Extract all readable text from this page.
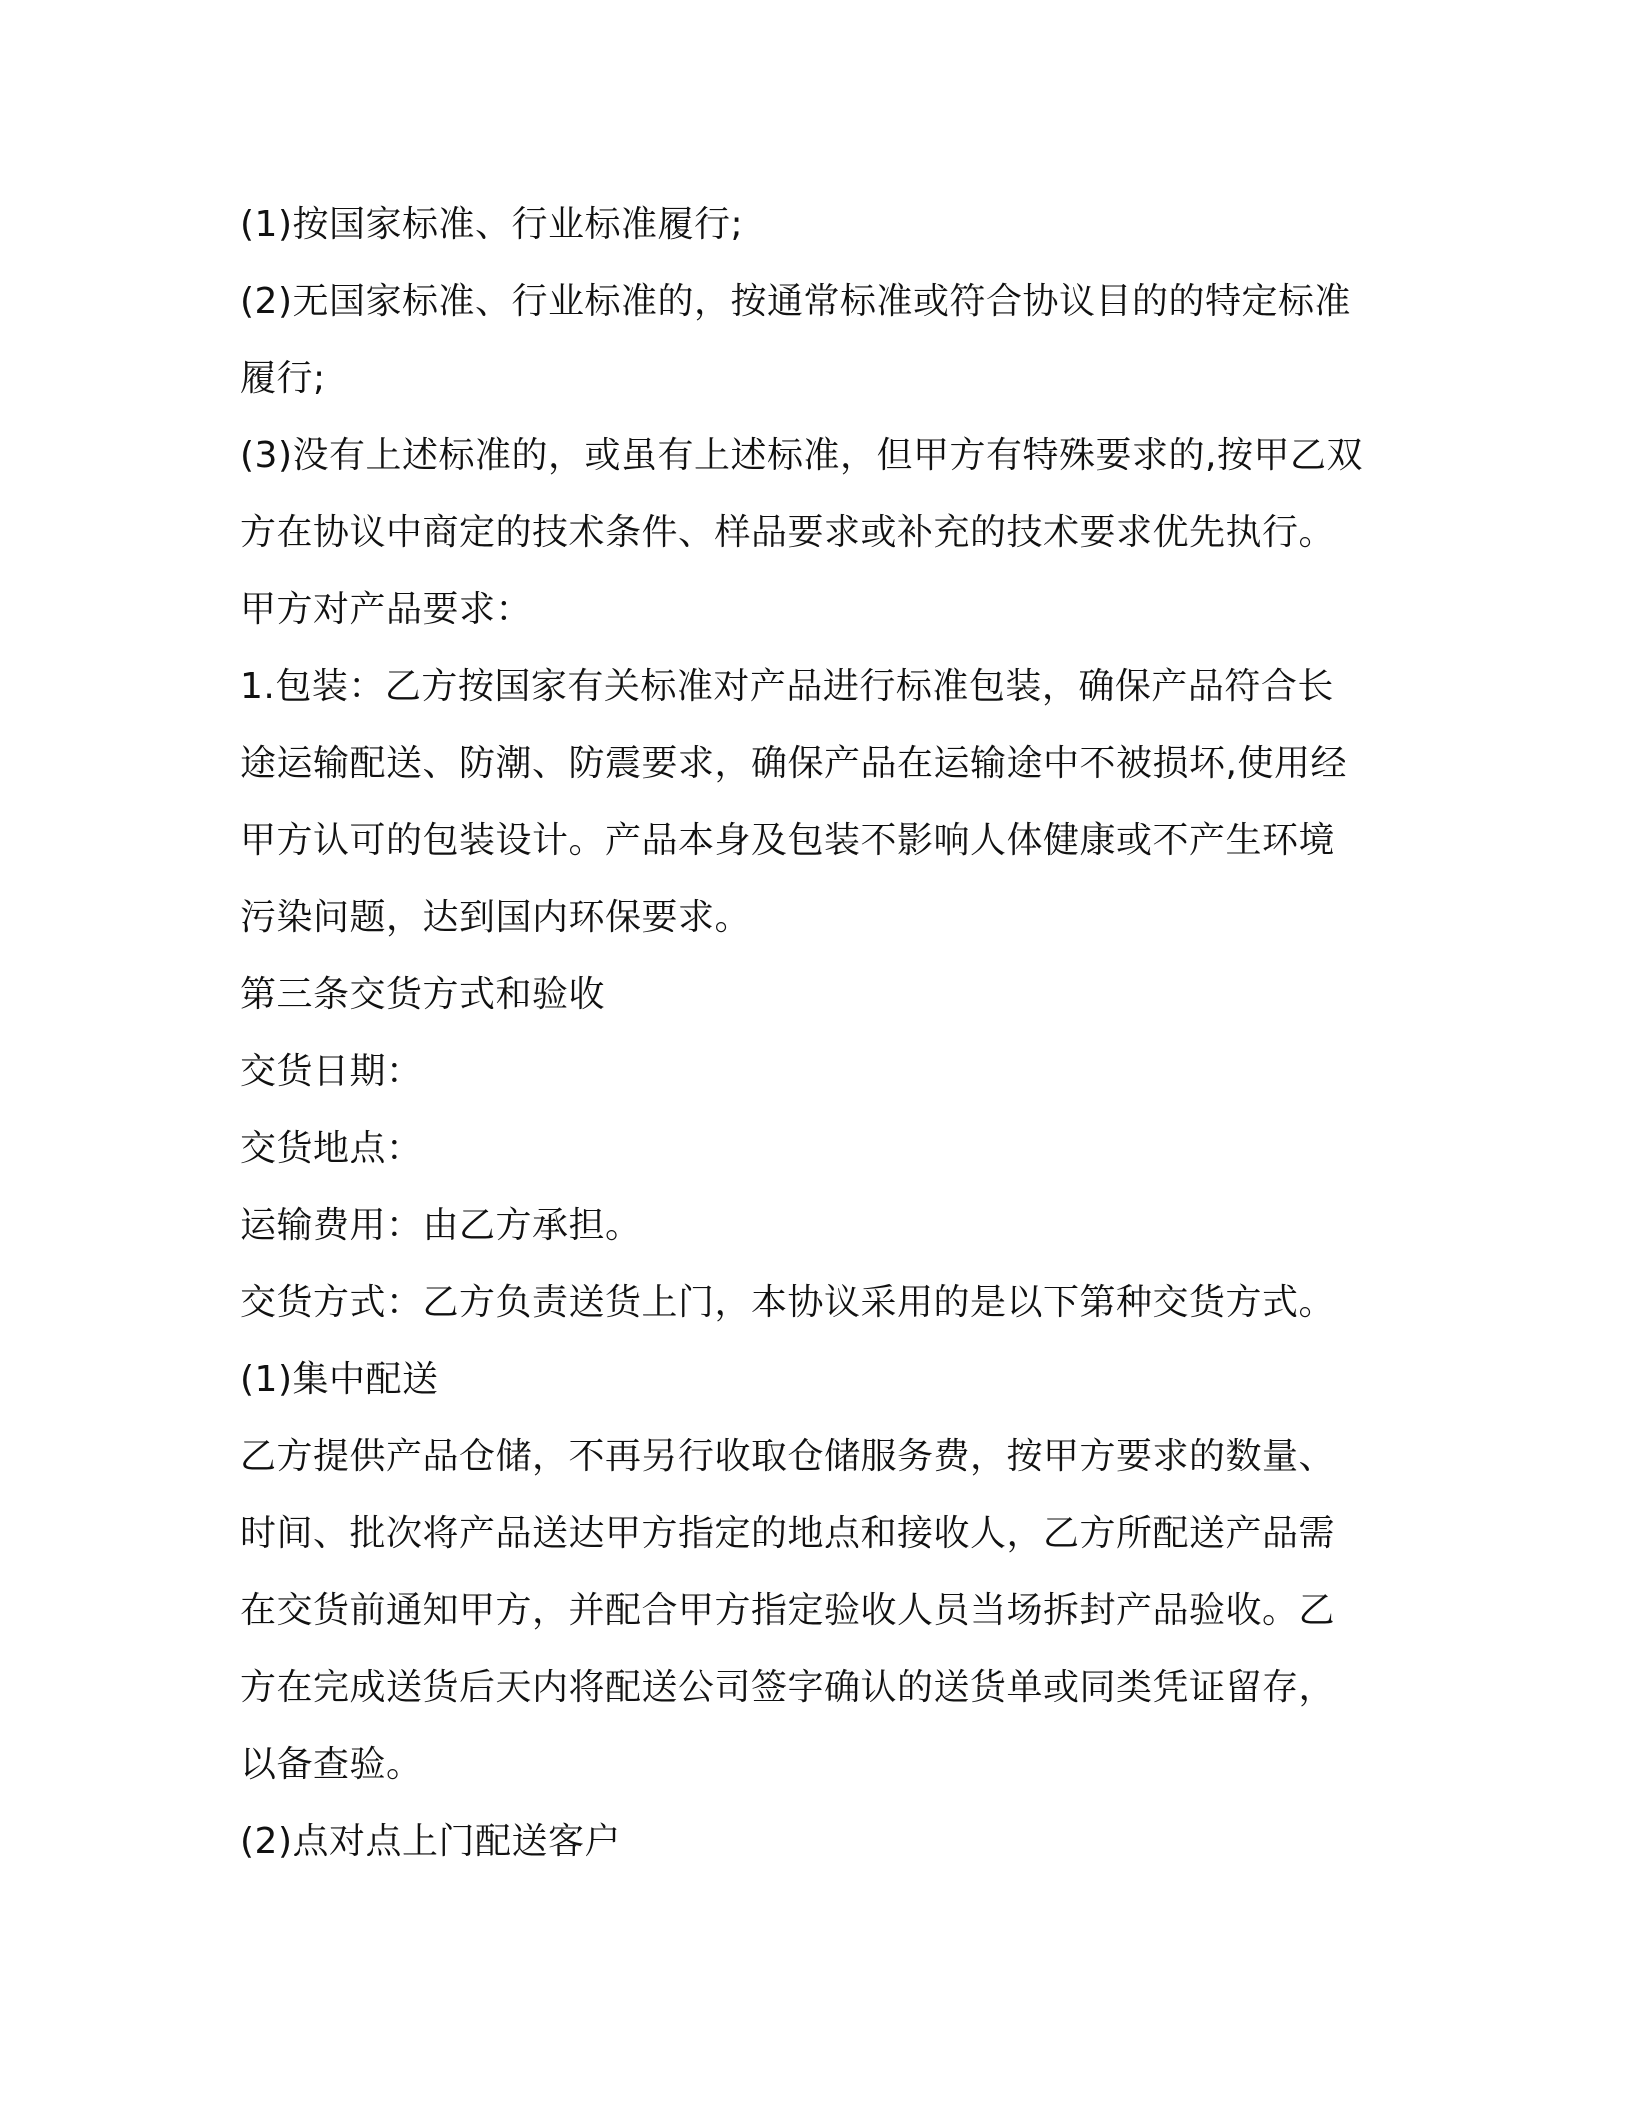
(1)按国家标准、行业标准履行;
(2)无国家标准、行业标准的，按通常标准或符合协议目的的特定标准
履行;
(3)没有上述标准的，或虽有上述标准，但甲方有特殊要求的,按甲乙双
方在协议中商定的技术条件、样品要求或补充的技术要求优先执行。
甲方对产品要求：
1.包装：乙方按国家有关标准对产品进行标准包装，确保产品符合长
途运输配送、防潮、防震要求，确保产品在运输途中不被损坏,使用经
甲方认可的包装设计。产品本身及包装不影响人体健康或不产生环境
污染问题，达到国内环保要求。
第三条交货方式和验收
交货日期：
交货地点：
运输费用：由乙方承担。
交货方式：乙方负责送货上门，本协议采用的是以下第种交货方式。
(1)集中配送
乙方提供产品仓储，不再另行收取仓储服务费，按甲方要求的数量、
时间、批次将产品送达甲方指定的地点和接收人，乙方所配送产品需
在交货前通知甲方，并配合甲方指定验收人员当场拆封产品验收。乙
方在完成送货后天内将配送公司签字确认的送货单或同类凭证留存，
以备查验。
(2)点对点上门配送客户
